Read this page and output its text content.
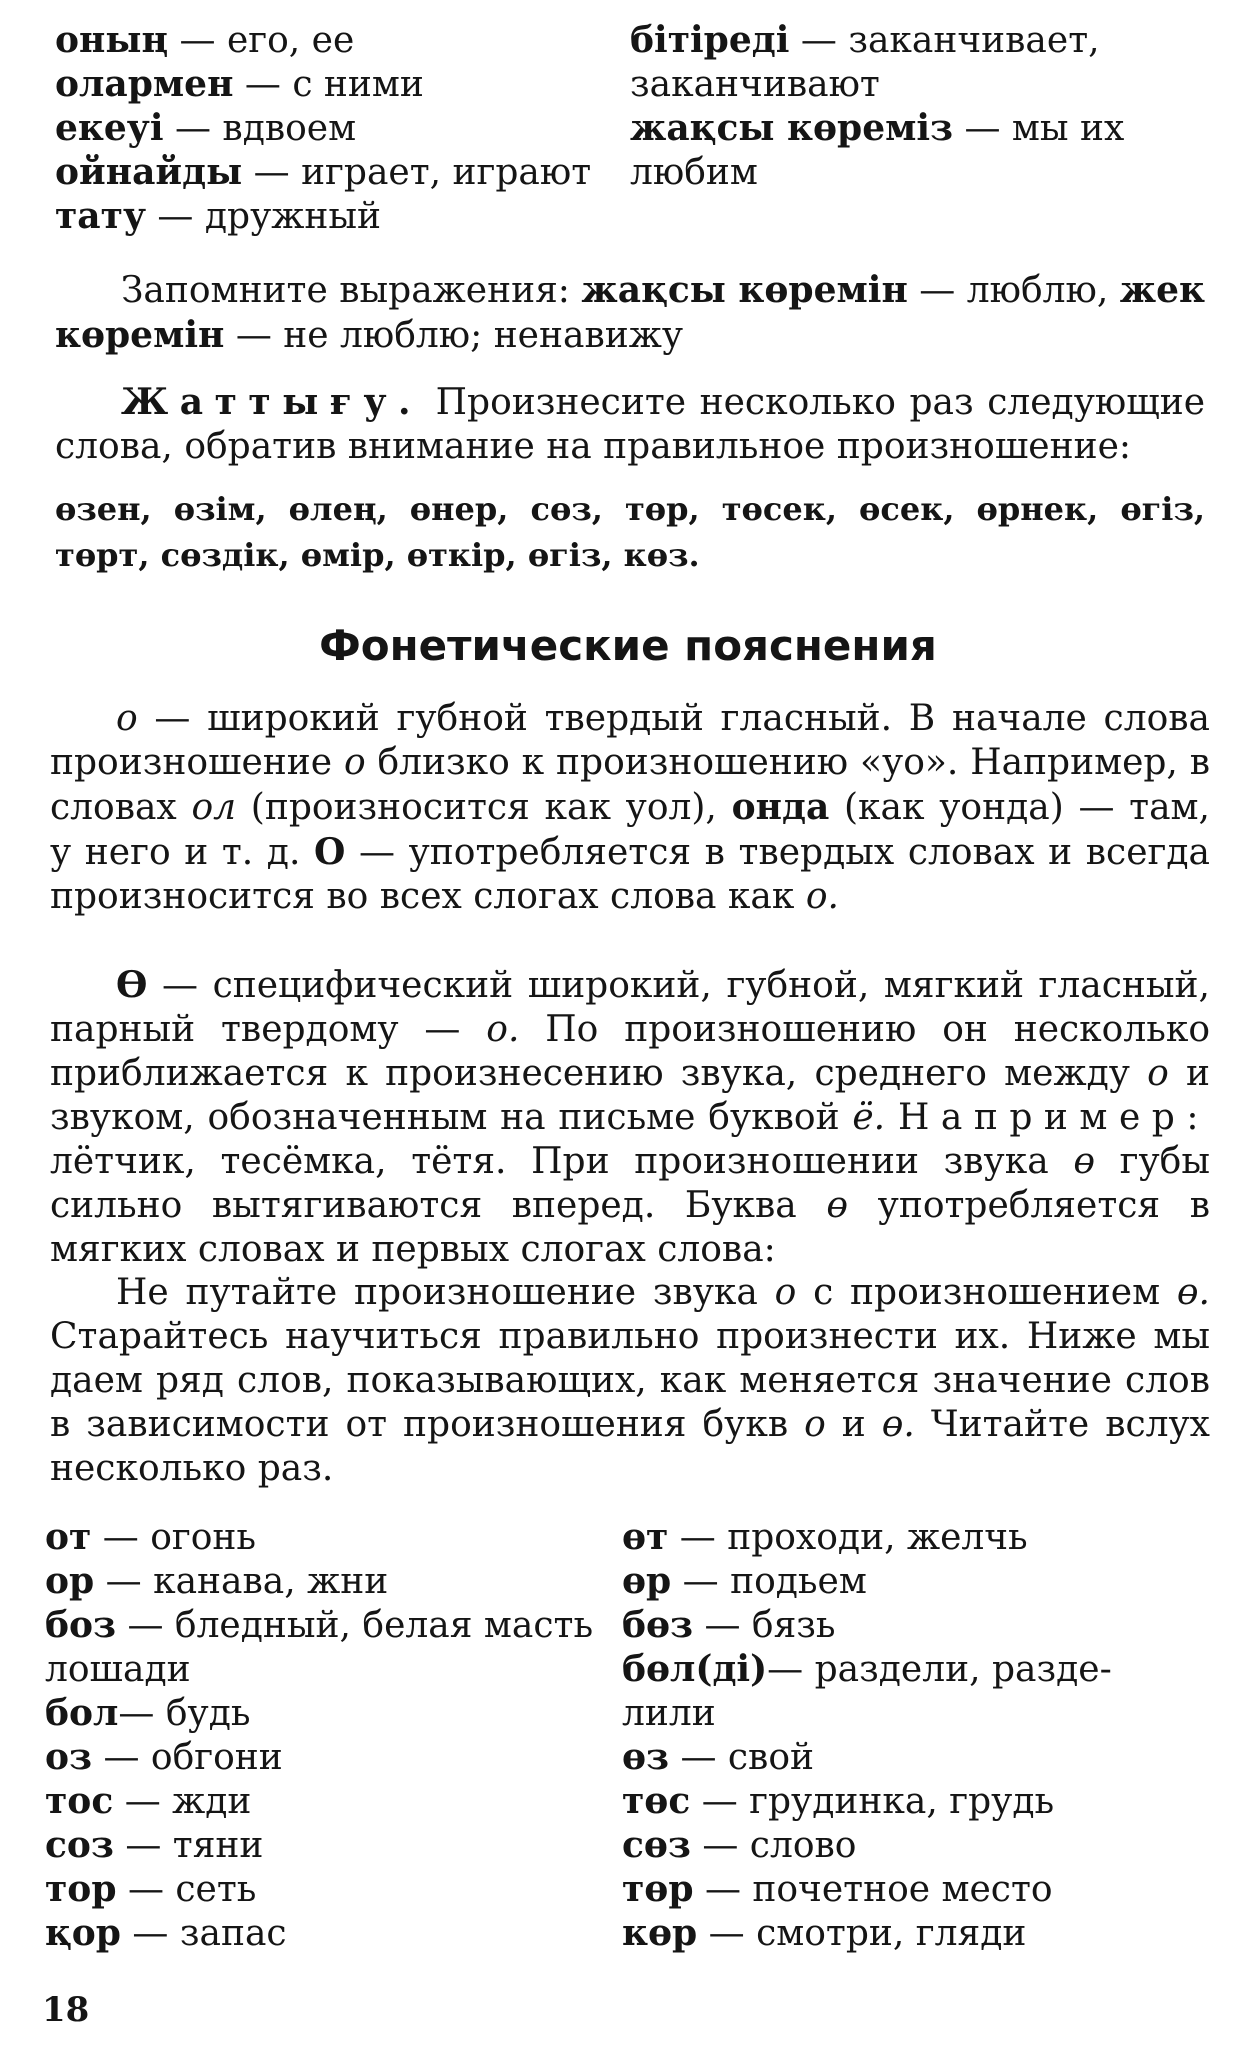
оның — его, ее
олармен — с ними
екеуі — вдвоем
ойнайды — играет, играют
тату — дружный
бітіреді — заканчивает,
заканчивают
жақсы көреміз — мы их
любим
Запомните выражения: жақсы көремін — люблю, жек көремін — не люблю; ненавижу
Жаттығу. Произнесите несколько раз следующие слова, обратив внимание на правильное произношение:
өзен, өзім, өлең, өнер, сөз, төр, төсек, өсек, өрнек, өгіз, төрт, сөздік, өмір, өткір, өгіз, көз.
Фонетические пояснения
о — широкий губной твердый гласный. В начале слова произношение о близко к произношению «уо». Например, в словах ол (произносится как уол), онда (как уонда) — там, у него и т. д. О — употребляется в твердых словах и всегда произносится во всех слогах слова как о.
Ө — специфический широкий, губной, мягкий гласный, парный твердому — о. По произношению он несколько приближается к произнесению звука, среднего между о и звуком, обозначенным на письме буквой ё. Например: лётчик, тесёмка, тётя. При произношении звука ө губы сильно вытягиваются вперед. Буква ө употребляется в мягких словах и первых слогах слова:
Не путайте произношение звука о с произношением ө. Старайтесь научиться правильно произнести их. Ниже мы даем ряд слов, показывающих, как меняется значение слов в зависимости от произношения букв о и ө. Читайте вслух несколько раз.
от — огонь
ор — канава, жни
боз — бледный, белая масть
лошади
бол— будь
оз — обгони
тос — жди
соз — тяни
тор — сеть
қор — запас
өт — проходи, желчь
өр — подьем
бөз — бязь
бөл(ді)— раздели, разде-
лили
өз — свой
төс — грудинка, грудь
сөз — слово
төр — почетное место
көр — смотри, гляди
18
